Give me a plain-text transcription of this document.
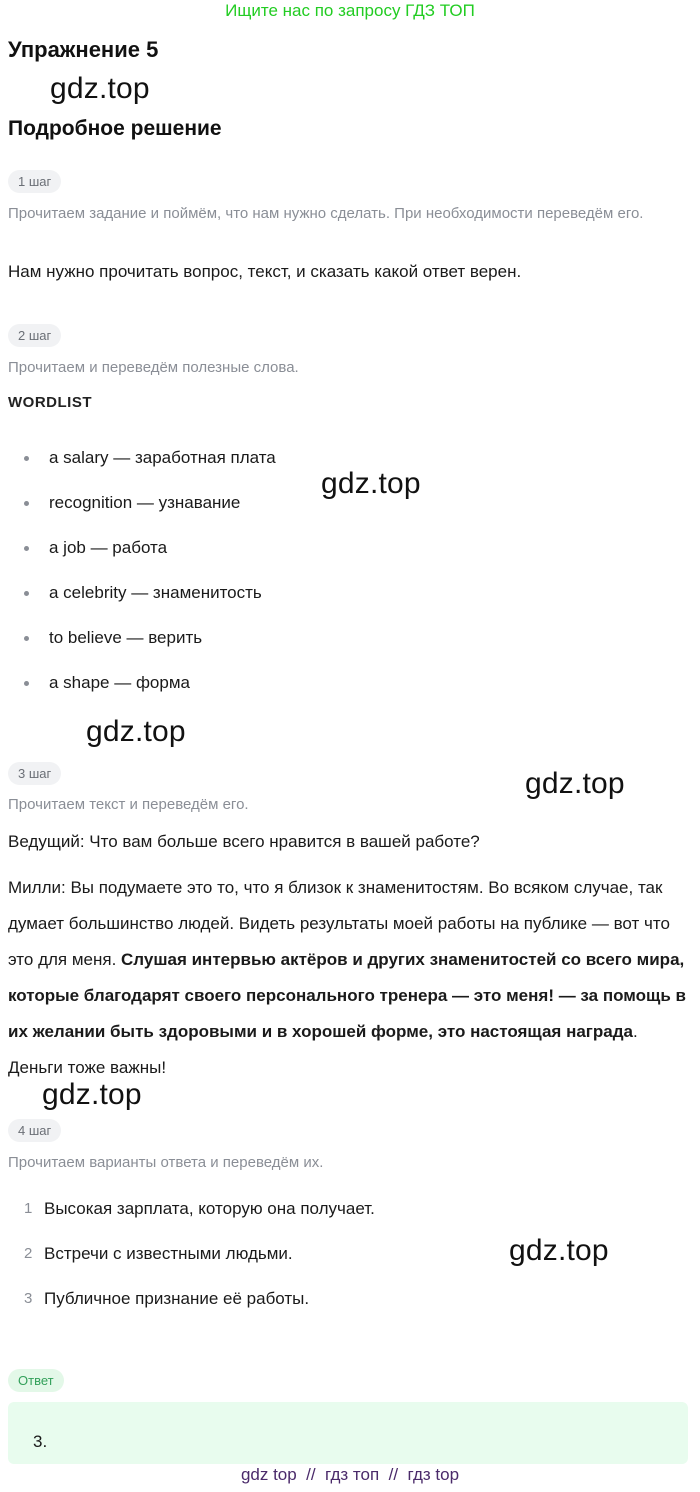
Ищите нас по запросу ГДЗ ТОП
Упражнение 5
gdz.top
Подробное решение
1 шаг
Прочитаем задание и поймём, что нам нужно сделать. При необходимости переведём его.
Нам нужно прочитать вопрос, текст, и сказать какой ответ верен.
2 шаг
Прочитаем и переведём полезные слова.
WORDLIST
a salary — заработная плата
recognition — узнавание
a job — работа
a celebrity — знаменитость
to believe — верить
a shape — форма
gdz.top
gdz.top
3 шаг	gdz.top
Прочитаем текст и переведём его.
Ведущий: Что вам больше всего нравится в вашей работе?
Милли: Вы подумаете это то, что я близок к знаменитостям. Во всяком случае, так думает большинство людей. Видеть результаты моей работы на публике — вот что это для меня. Слушая интервью актёров и других знаменитостей со всего мира, которые благодарят своего персонального тренера — это меня! — за помощь в их желании быть здоровыми и в хорошей форме, это настоящая награда. Деньги тоже важны!
gdz.top
4 шаг
Прочитаем варианты ответа и переведём их.
1 Высокая зарплата, которую она получает.
2 Встречи с известными людьми.
3 Публичное признание её работы.
gdz.top
Ответ
3.
gdz top  //  гдз топ  //  гдз top
